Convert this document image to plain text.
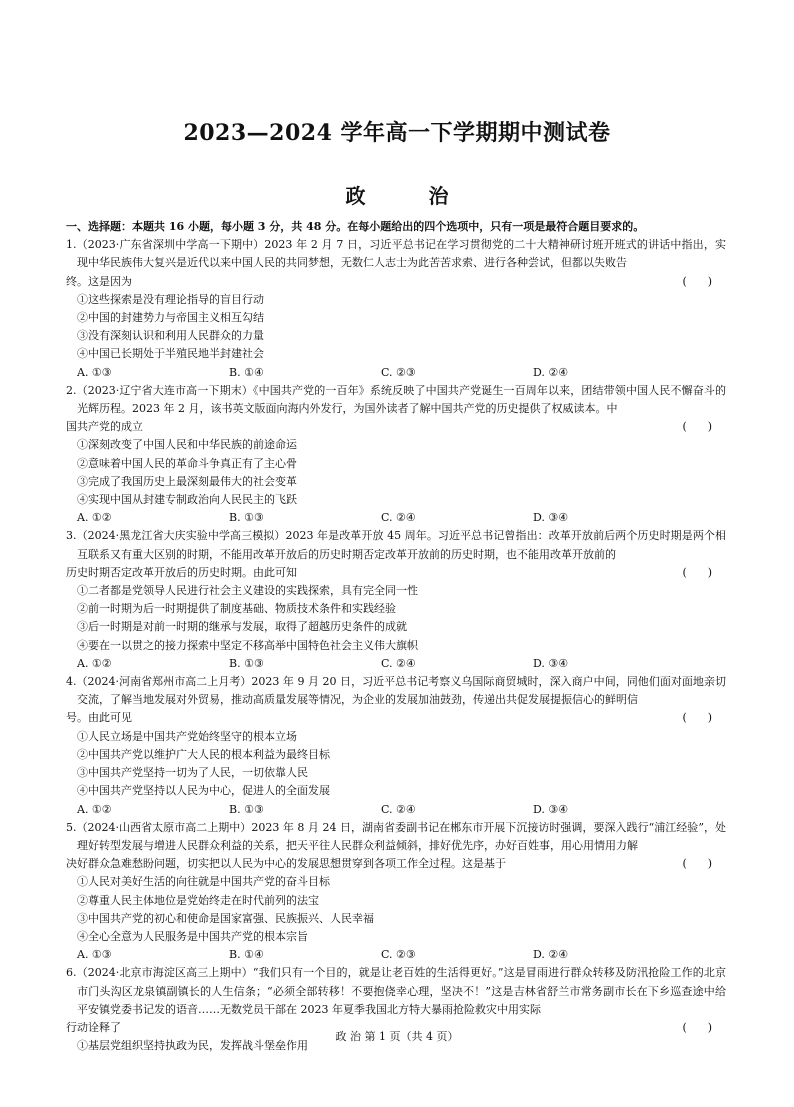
2023—2024 学年高一下学期期中测试卷
政 治
一、选择题：本题共 16 小题，每小题 3 分，共 48 分。在每小题给出的四个选项中，只有一项是最符合题目要求的。
1.（2023·广东省深圳中学高一下期中）2023 年 2 月 7 日，习近平总书记在学习贯彻党的二十大精神研讨班开班式的讲话中指出，实现中华民族伟大复兴是近代以来中国人民的共同梦想，无数仁人志士为此苦苦求索、进行各种尝试，但都以失败告
终。这是因为	(      )
①这些探索是没有理论指导的盲目行动
②中国的封建势力与帝国主义相互勾结
③没有深刻认识和利用人民群众的力量
④中国已长期处于半殖民地半封建社会
A. ①③	B. ①④	C. ②③	D. ②④
2.（2023·辽宁省大连市高一下期末）《中国共产党的一百年》系统反映了中国共产党诞生一百周年以来，团结带领中国人民不懈奋斗的光辉历程。2023 年 2 月，该书英文版面向海内外发行，为国外读者了解中国共产党的历史提供了权威读本。中
国共产党的成立	(      )
①深刻改变了中国人民和中华民族的前途命运
②意味着中国人民的革命斗争真正有了主心骨
③完成了我国历史上最深刻最伟大的社会变革
④实现中国从封建专制政治向人民民主的飞跃
A. ①②	B. ①③	C. ②④	D. ③④
3.（2024·黑龙江省大庆实验中学高三模拟）2023 年是改革开放 45 周年。习近平总书记曾指出：改革开放前后两个历史时期是两个相互联系又有重大区别的时期，不能用改革开放后的历史时期否定改革开放前的历史时期，也不能用改革开放前的
历史时期否定改革开放后的历史时期。由此可知	(      )
①二者都是党领导人民进行社会主义建设的实践探索，具有完全同一性
②前一时期为后一时期提供了制度基础、物质技术条件和实践经验
③后一时期是对前一时期的继承与发展，取得了超越历史条件的成就
④要在一以贯之的接力探索中坚定不移高举中国特色社会主义伟大旗帜
A. ①②	B. ①③	C. ②④	D. ③④
4.（2024·河南省郑州市高二上月考）2023 年 9 月 20 日，习近平总书记考察义乌国际商贸城时，深入商户中间，同他们面对面地亲切交流，了解当地发展对外贸易，推动高质量发展等情况，为企业的发展加油鼓劲，传递出共促发展提振信心的鲜明信
号。由此可见	(      )
①人民立场是中国共产党始终坚守的根本立场
②中国共产党以维护广大人民的根本利益为最终目标
③中国共产党坚持一切为了人民，一切依靠人民
④中国共产党坚持以人民为中心，促进人的全面发展
A. ①②	B. ①③	C. ②④	D. ③④
5.（2024·山西省太原市高二上期中）2023 年 8 月 24 日，湖南省委副书记在郴东市开展下沉接访时强调，要深入践行“浦江经验”，处理好转型发展与增进人民群众利益的关系，把天平往人民群众利益倾斜，排好优先序，办好百姓事，用心用情用力解
决好群众急难愁盼问题，切实把以人民为中心的发展思想贯穿到各项工作全过程。这是基于	(      )
①人民对美好生活的向往就是中国共产党的奋斗目标
②尊重人民主体地位是党始终走在时代前列的法宝
③中国共产党的初心和使命是国家富强、民族振兴、人民幸福
④全心全意为人民服务是中国共产党的根本宗旨
A. ①③	B. ①④	C. ②③	D. ②④
6.（2024·北京市海淀区高三上期中）“我们只有一个目的，就是让老百姓的生活得更好。”这是冒雨进行群众转移及防汛抢险工作的北京市门头沟区龙泉镇副镇长的人生信条；“必须全部转移！不要抱侥幸心理，坚决不！”这是吉林省舒兰市常务副市长在下乡巡查途中给平安镇党委书记发的语音……无数党员干部在 2023 年夏季我国北方特大暴雨抢险救灾中用实际
行动诠释了	(      )
①基层党组织坚持执政为民，发挥战斗堡垒作用
政 治 第 1 页（共 4 页）
